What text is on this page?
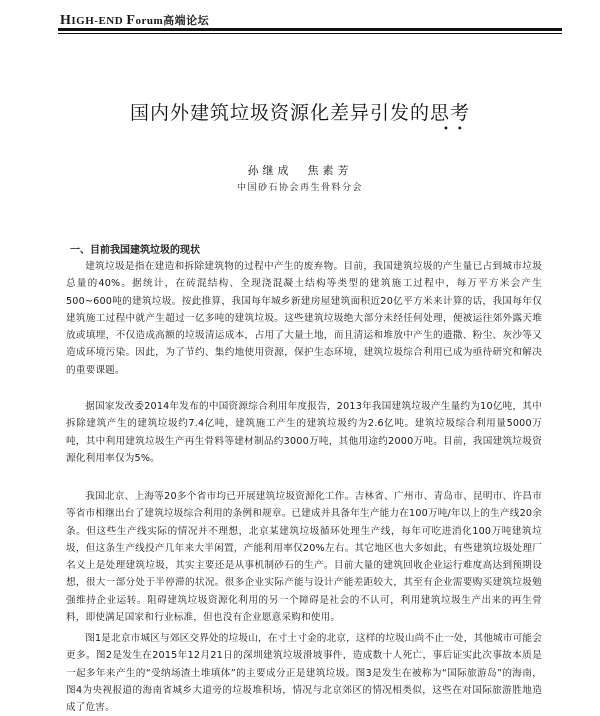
HIGH-END Forum高端论坛
国内外建筑垃圾资源化差异引发的思考
••
孙继成　焦素芳
中国砂石协会再生骨料分会
一、目前我国建筑垃圾的现状

建筑垃圾是指在建造和拆除建筑物的过程中产生的废弃物。目前，我国建筑垃圾的产生量已占到城市垃圾总量的40%。据统计，在砖混结构、全现浇混凝土结构等类型的建筑施工过程中，每万平方米会产生500~600吨的建筑垃圾。按此推算，我国每年城乡新建房屋建筑面积近20亿平方米来计算的话，我国每年仅建筑施工过程中就产生超过一亿多吨的建筑垃圾。这些建筑垃圾绝大部分未经任何处理，便被运往郊外露天堆放或填埋，不仅造成高额的垃圾清运成本，占用了大量土地，而且清运和堆放中产生的遗撒、粉尘、灰沙等又造成环境污染。因此，为了节约、集约地使用资源，保护生态环境，建筑垃圾综合利用已成为亟待研究和解决的重要课题。

据国家发改委2014年发布的中国资源综合利用年度报告，2013年我国建筑垃圾产生量约为10亿吨，其中拆除建筑产生的建筑垃圾约7.4亿吨，建筑施工产生的建筑垃圾约为2.6亿吨。建筑垃圾综合利用量5000万吨，其中利用建筑垃圾生产再生骨料等建材制品约3000万吨，其他用途约2000万吨。目前，我国建筑垃圾资源化利用率仅为5%。

我国北京、上海等20多个省市均已开展建筑垃圾资源化工作。吉林省、广州市、青岛市、昆明市、许昌市等省市相继出台了建筑垃圾综合利用的条例和规章。已建成并具备年生产能力在100万吨/年以上的生产线20余条。但这些生产线实际的情况并不理想，北京某建筑垃圾循环处理生产线，每年可吃进消化100万吨建筑垃圾，但这条生产线投产几年来大半闲置，产能利用率仅20%左右。其它地区也大多如此，有些建筑垃圾处理厂名义上是处理建筑垃圾，其实主要还是从事机制砂石的生产。目前大量的建筑回收企业运行难度高达到预期设想，很大一部分处于半停滞的状况。很多企业实际产能与设计产能差距较大，其至有企业需要购买建筑垃圾勉强维持企业运转。阻碍建筑垃圾资源化利用的另一个障碍是社会的不认可，利用建筑垃圾生产出来的再生骨料，即使满足国家和行业标准，但也没有企业愿意采购和使用。

图1是北京市城区与郊区交界处的垃圾山，在寸土寸金的北京，这样的垃圾山尚不止一处，其他城市可能会更多。图2是发生在2015年12月21日的深圳建筑垃圾滑坡事件，造成数十人死亡，事后证实此次事故本质是一起多年来产生的“受纳场渣土堆填体”的主要成分正是建筑垃圾。图3是发生在被称为“国际旅游岛”的海南，图4为央视报道的海南省城乡大道旁的垃圾堆积场，情况与北京郊区的情况相类似，这些在对国际旅游胜地造成了危害。
